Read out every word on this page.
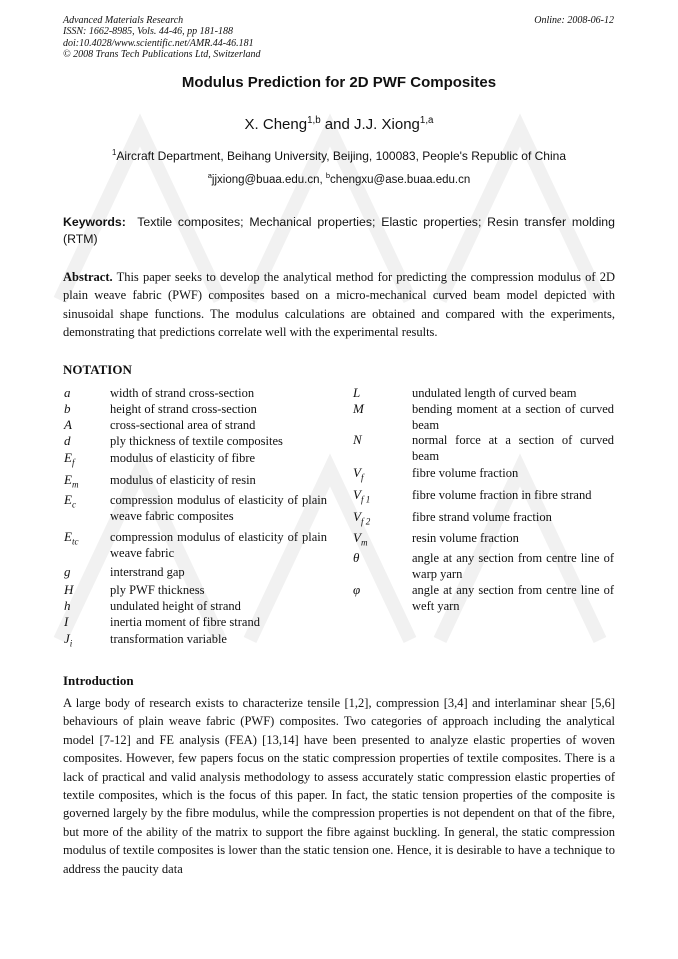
Advanced Materials Research
ISSN: 1662-8985, Vols. 44-46, pp 181-188
doi:10.4028/www.scientific.net/AMR.44-46.181
© 2008 Trans Tech Publications Ltd, Switzerland
Online: 2008-06-12
Modulus Prediction for 2D PWF Composites
X. Cheng$^{1,b}$ and J.J. Xiong$^{1,a}$
$^1$Aircraft Department, Beihang University, Beijing, 100083, People's Republic of China
$^a$jjxiong@buaa.edu.cn, $^b$chengxu@ase.buaa.edu.cn
Keywords: Textile composites; Mechanical properties; Elastic properties; Resin transfer molding (RTM)
Abstract. This paper seeks to develop the analytical method for predicting the compression modulus of 2D plain weave fabric (PWF) composites based on a micro-mechanical curved beam model depicted with sinusoidal shape functions. The modulus calculations are obtained and compared with the experiments, demonstrating that predictions correlate well with the experimental results.
NOTATION
a	width of strand cross-section
b	height of strand cross-section
A	cross-sectional area of strand
d	ply thickness of textile composites
$E_f$	modulus of elasticity of fibre
$E_m$	modulus of elasticity of resin
$E_c$	compression modulus of elasticity of plain weave fabric composites
$E_{tc}$	compression modulus of elasticity of plain weave fabric
g	interstrand gap
H	ply PWF thickness
h	undulated height of strand
I	inertia moment of fibre strand
$J_i$	transformation variable
L	undulated length of curved beam
M	bending moment at a section of curved beam
N	normal force at a section of curved beam
$V_f$	fibre volume fraction
$V_{f 1}$	fibre volume fraction in fibre strand
$V_{f 2}$	fibre strand volume fraction
$V_m$	resin volume fraction
θ	angle at any section from centre line of warp yarn
φ	angle at any section from centre line of weft yarn
Introduction
A large body of research exists to characterize tensile [1,2], compression [3,4] and interlaminar shear [5,6] behaviours of plain weave fabric (PWF) composites. Two categories of approach including the analytical model [7-12] and FE analysis (FEA) [13,14] have been presented to analyze elastic properties of woven composites. However, few papers focus on the static compression properties of textile composites. There is a lack of practical and valid analysis methodology to assess accurately static compression elastic properties of textile composites, which is the focus of this paper. In fact, the static tension properties of the composite is governed largely by the fibre modulus, while the compression properties is not dependent on that of the fibre, but more of the ability of the matrix to support the fibre against buckling. In general, the static compression modulus of textile composites is lower than the static tension one. Hence, it is desirable to have a technique to address the paucity data
